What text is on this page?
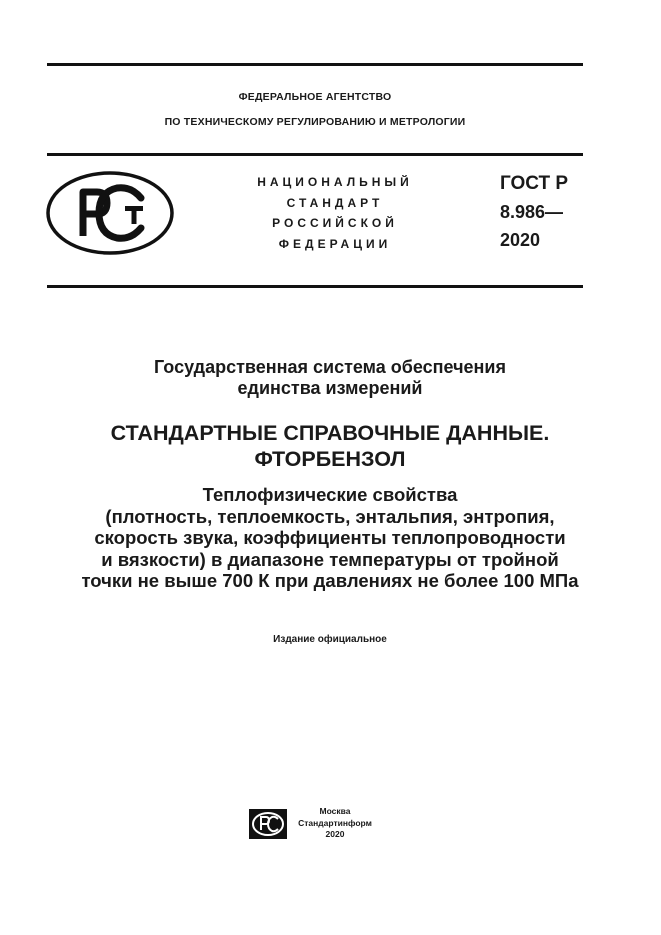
ФЕДЕРАЛЬНОЕ АГЕНТСТВО
ПО ТЕХНИЧЕСКОМУ РЕГУЛИРОВАНИЮ И МЕТРОЛОГИИ
НАЦИОНАЛЬНЫЙ
СТАНДАРТ
РОССИЙСКОЙ
ФЕДЕРАЦИИ
ГОСТ Р
8.986—
2020
Государственная система обеспечения
единства измерений
СТАНДАРТНЫЕ СПРАВОЧНЫЕ ДАННЫЕ.
ФТОРБЕНЗОЛ
Теплофизические свойства
(плотность, теплоемкость, энтальпия, энтропия,
скорость звука, коэффициенты теплопроводности
и вязкости) в диапазоне температуры от тройной
точки не выше 700 К при давлениях не более 100 МПа
Издание официальное
Москва
Стандартинформ
2020
